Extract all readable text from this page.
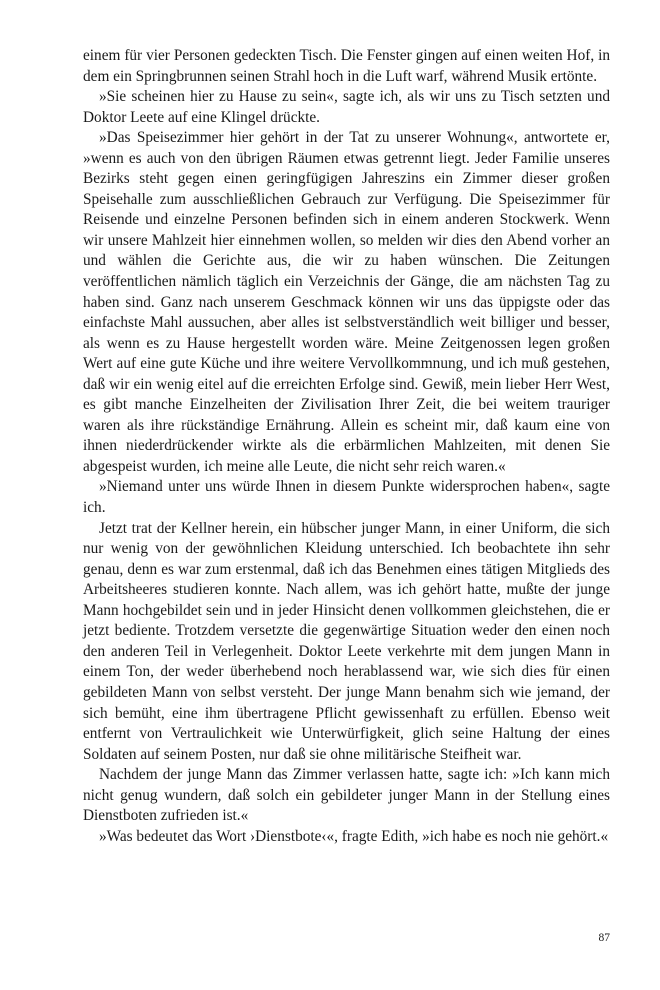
einem für vier Personen gedeckten Tisch. Die Fenster gingen auf einen weiten Hof, in dem ein Springbrunnen seinen Strahl hoch in die Luft warf, während Musik ertönte.

»Sie scheinen hier zu Hause zu sein«, sagte ich, als wir uns zu Tisch setzten und Doktor Leete auf eine Klingel drückte.

»Das Speisezimmer hier gehört in der Tat zu unserer Wohnung«, antwortete er, »wenn es auch von den übrigen Räumen etwas getrennt liegt. Jeder Familie unseres Bezirks steht gegen einen geringfügigen Jahreszins ein Zimmer dieser großen Speisehalle zum ausschließlichen Gebrauch zur Verfügung. Die Speisezimmer für Reisende und einzelne Personen befinden sich in einem anderen Stockwerk. Wenn wir unsere Mahlzeit hier einnehmen wollen, so melden wir dies den Abend vorher an und wählen die Gerichte aus, die wir zu haben wünschen. Die Zeitungen veröffentlichen nämlich täglich ein Verzeichnis der Gänge, die am nächsten Tag zu haben sind. Ganz nach unserem Geschmack können wir uns das üppigste oder das einfachste Mahl aussuchen, aber alles ist selbstverständlich weit billiger und besser, als wenn es zu Hause hergestellt worden wäre. Meine Zeitgenossen legen großen Wert auf eine gute Küche und ihre weitere Vervollkommnung, und ich muß gestehen, daß wir ein wenig eitel auf die erreichten Erfolge sind. Gewiß, mein lieber Herr West, es gibt manche Einzelheiten der Zivilisation Ihrer Zeit, die bei weitem trauriger waren als ihre rückständige Ernährung. Allein es scheint mir, daß kaum eine von ihnen niederdrückender wirkte als die erbärmlichen Mahlzeiten, mit denen Sie abgespeist wurden, ich meine alle Leute, die nicht sehr reich waren.«

»Niemand unter uns würde Ihnen in diesem Punkte widersprochen haben«, sagte ich.

Jetzt trat der Kellner herein, ein hübscher junger Mann, in einer Uniform, die sich nur wenig von der gewöhnlichen Kleidung unterschied. Ich beobachtete ihn sehr genau, denn es war zum erstenmal, daß ich das Benehmen eines tätigen Mitglieds des Arbeitsheeres studieren konnte. Nach allem, was ich gehört hatte, mußte der junge Mann hochgebildet sein und in jeder Hinsicht denen vollkommen gleichstehen, die er jetzt bediente. Trotzdem versetzte die gegenwärtige Situation weder den einen noch den anderen Teil in Verlegenheit. Doktor Leete verkehrte mit dem jungen Mann in einem Ton, der weder überhebend noch herablassend war, wie sich dies für einen gebildeten Mann von selbst versteht. Der junge Mann benahm sich wie jemand, der sich bemüht, eine ihm übertragene Pflicht gewissenhaft zu erfüllen. Ebenso weit entfernt von Vertraulichkeit wie Unterwürfigkeit, glich seine Haltung der eines Soldaten auf seinem Posten, nur daß sie ohne militärische Steifheit war.

Nachdem der junge Mann das Zimmer verlassen hatte, sagte ich: »Ich kann mich nicht genug wundern, daß solch ein gebildeter junger Mann in der Stellung eines Dienstboten zufrieden ist.«

»Was bedeutet das Wort ›Dienstbote‹«, fragte Edith, »ich habe es noch nie gehört.«

87
